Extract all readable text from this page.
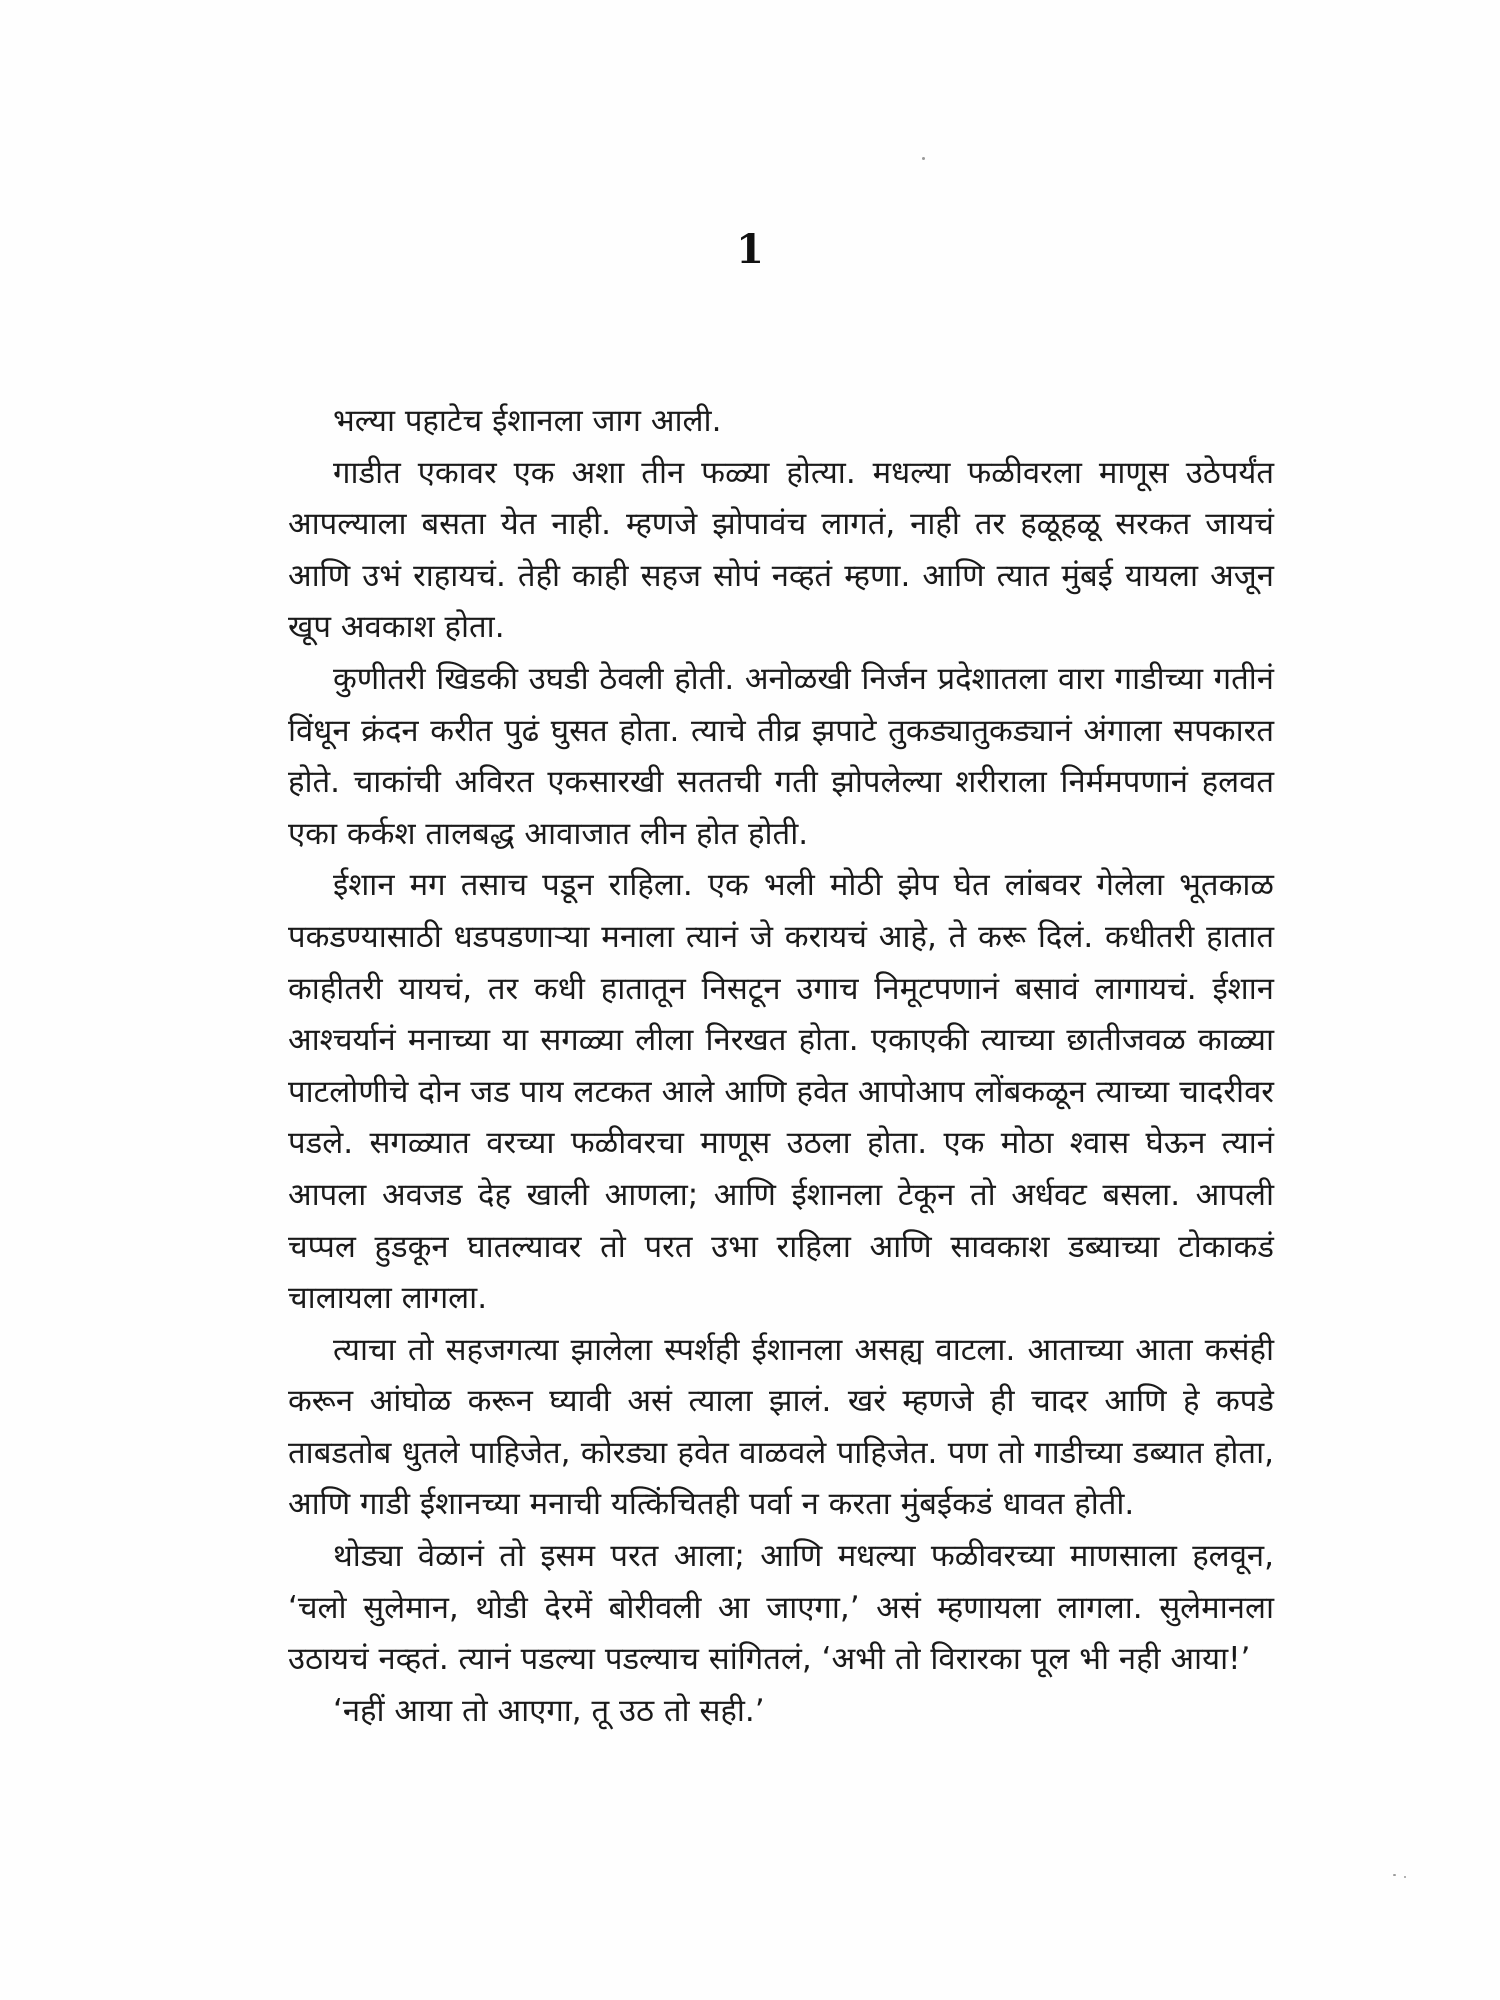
1

भल्या पहाटेच ईशानला जाग आली.

गाडीत एकावर एक अशा तीन फळ्या होत्या. मधल्या फळीवरला माणूस उठेपर्यंत आपल्याला बसता येत नाही. म्हणजे झोपावंच लागतं, नाही तर हळूहळू सरकत जायचं आणि उभं राहायचं. तेही काही सहज सोपं नव्हतं म्हणा. आणि त्यात मुंबई यायला अजून खूप अवकाश होता.

कुणीतरी खिडकी उघडी ठेवली होती. अनोळखी निर्जन प्रदेशातला वारा गाडीच्या गतीनं विंधून क्रंदन करीत पुढं घुसत होता. त्याचे तीव्र झपाटे तुकड्यातुकड्यानं अंगाला सपकारत होते. चाकांची अविरत एकसारखी सततची गती झोपलेल्या शरीराला निर्ममपणानं हलवत एका कर्कश तालबद्ध आवाजात लीन होत होती.

ईशान मग तसाच पडून राहिला. एक भली मोठी झेप घेत लांबवर गेलेला भूतकाळ पकडण्यासाठी धडपडणाऱ्या मनाला त्यानं जे करायचं आहे, ते करू दिलं. कधीतरी हातात काहीतरी यायचं, तर कधी हातातून निसटून उगाच निमूटपणानं बसावं लागायचं. ईशान आश्चर्यानं मनाच्या या सगळ्या लीला निरखत होता. एकाएकी त्याच्या छातीजवळ काळ्या पाटलोणीचे दोन जड पाय लटकत आले आणि हवेत आपोआप लोंबकळून त्याच्या चादरीवर पडले. सगळ्यात वरच्या फळीवरचा माणूस उठला होता. एक मोठा श्वास घेऊन त्यानं आपला अवजड देह खाली आणला; आणि ईशानला टेकून तो अर्धवट बसला. आपली चप्पल हुडकून घातल्यावर तो परत उभा राहिला आणि सावकाश डब्याच्या टोकाकडं चालायला लागला.

त्याचा तो सहजगत्या झालेला स्पर्शही ईशानला असह्य वाटला. आताच्या आता कसंही करून आंघोळ करून घ्यावी असं त्याला झालं. खरं म्हणजे ही चादर आणि हे कपडे ताबडतोब धुतले पाहिजेत, कोरड्या हवेत वाळवले पाहिजेत. पण तो गाडीच्या डब्यात होता, आणि गाडी ईशानच्या मनाची यत्किंचितही पर्वा न करता मुंबईकडं धावत होती.

थोड्या वेळानं तो इसम परत आला; आणि मधल्या फळीवरच्या माणसाला हलवून, ‘चलो सुलेमान, थोडी देरमें बोरीवली आ जाएगा,’ असं म्हणायला लागला. सुलेमानला उठायचं नव्हतं. त्यानं पडल्या पडल्याच सांगितलं, ‘अभी तो विरारका पूल भी नही आया!’

‘नहीं आया तो आएगा, तू उठ तो सही.’
